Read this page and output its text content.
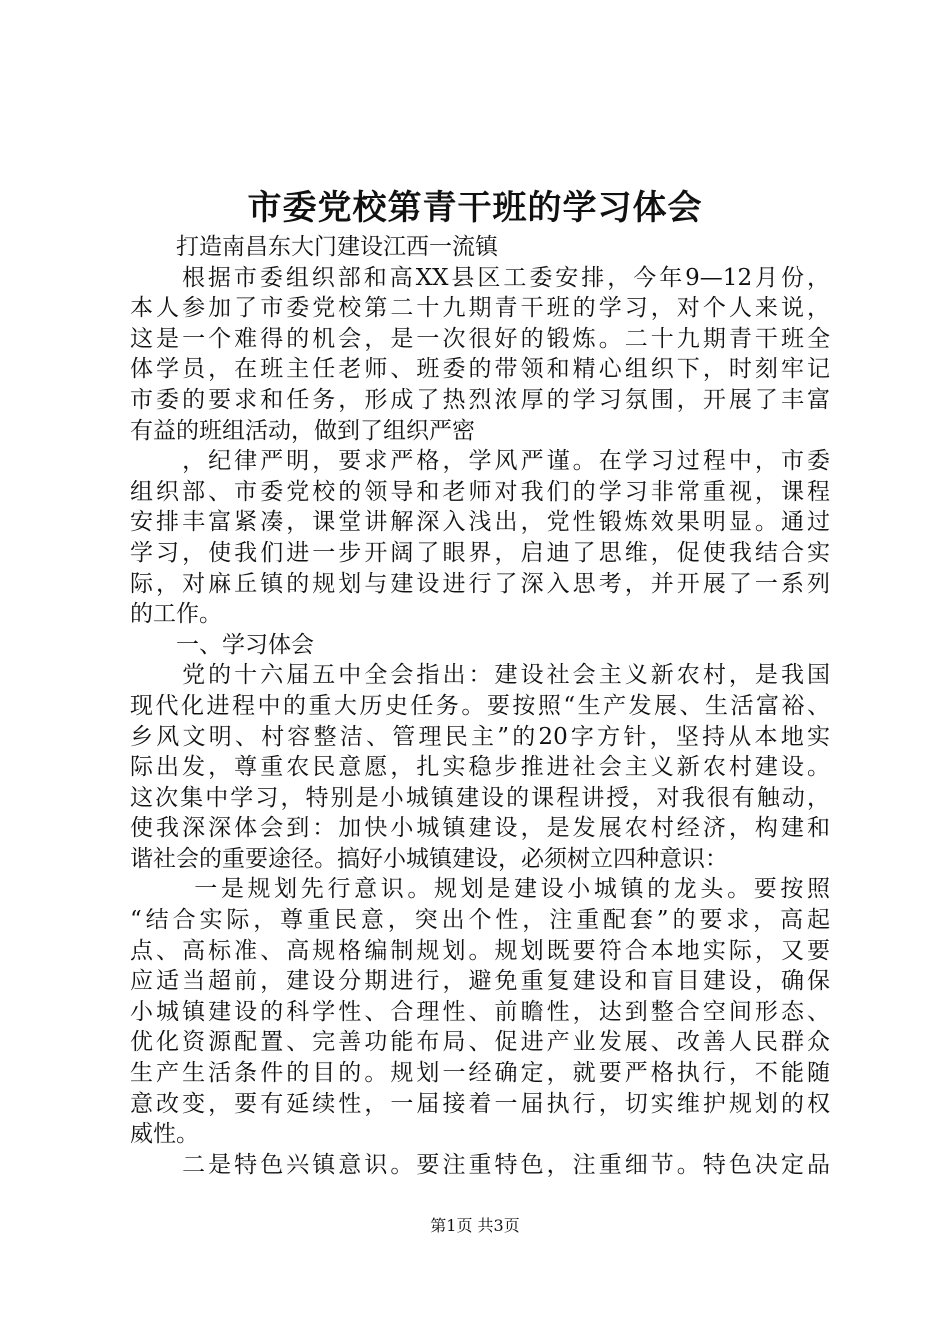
市委党校第青干班的学习体会
　　打造南昌东大门建设江西一流镇
　　根据市委组织部和高XX县区工委安排，今年9—12月份，
本人参加了市委党校第二十九期青干班的学习，对个人来说，
这是一个难得的机会，是一次很好的锻炼。二十九期青干班全
体学员，在班主任老师、班委的带领和精心组织下，时刻牢记
市委的要求和任务，形成了热烈浓厚的学习氛围，开展了丰富
有益的班组活动，做到了组织严密
　　，纪律严明，要求严格，学风严谨。在学习过程中，市委
组织部、市委党校的领导和老师对我们的学习非常重视，课程
安排丰富紧凑，课堂讲解深入浅出，党性锻炼效果明显。通过
学习，使我们进一步开阔了眼界，启迪了思维，促使我结合实
际，对麻丘镇的规划与建设进行了深入思考，并开展了一系列
的工作。
　　一、学习体会
　　党的十六届五中全会指出：建设社会主义新农村，是我国
现代化进程中的重大历史任务。要按照“生产发展、生活富裕、
乡风文明、村容整洁、管理民主”的20字方针，坚持从本地实
际出发，尊重农民意愿，扎实稳步推进社会主义新农村建设。
这次集中学习，特别是小城镇建设的课程讲授，对我很有触动，
使我深深体会到：加快小城镇建设，是发展农村经济，构建和
谐社会的重要途径。搞好小城镇建设，必须树立四种意识：
　　 一是规划先行意识。规划是建设小城镇的龙头。要按照
“结合实际，尊重民意，突出个性，注重配套”的要求，高起
点、高标准、高规格编制规划。规划既要符合本地实际，又要
应适当超前，建设分期进行，避免重复建设和盲目建设，确保
小城镇建设的科学性、合理性、前瞻性，达到整合空间形态、
优化资源配置、完善功能布局、促进产业发展、改善人民群众
生产生活条件的目的。规划一经确定，就要严格执行，不能随
意改变，要有延续性，一届接着一届执行，切实维护规划的权
威性。
　　二是特色兴镇意识。要注重特色，注重细节。特色决定品
第1页 共3页
